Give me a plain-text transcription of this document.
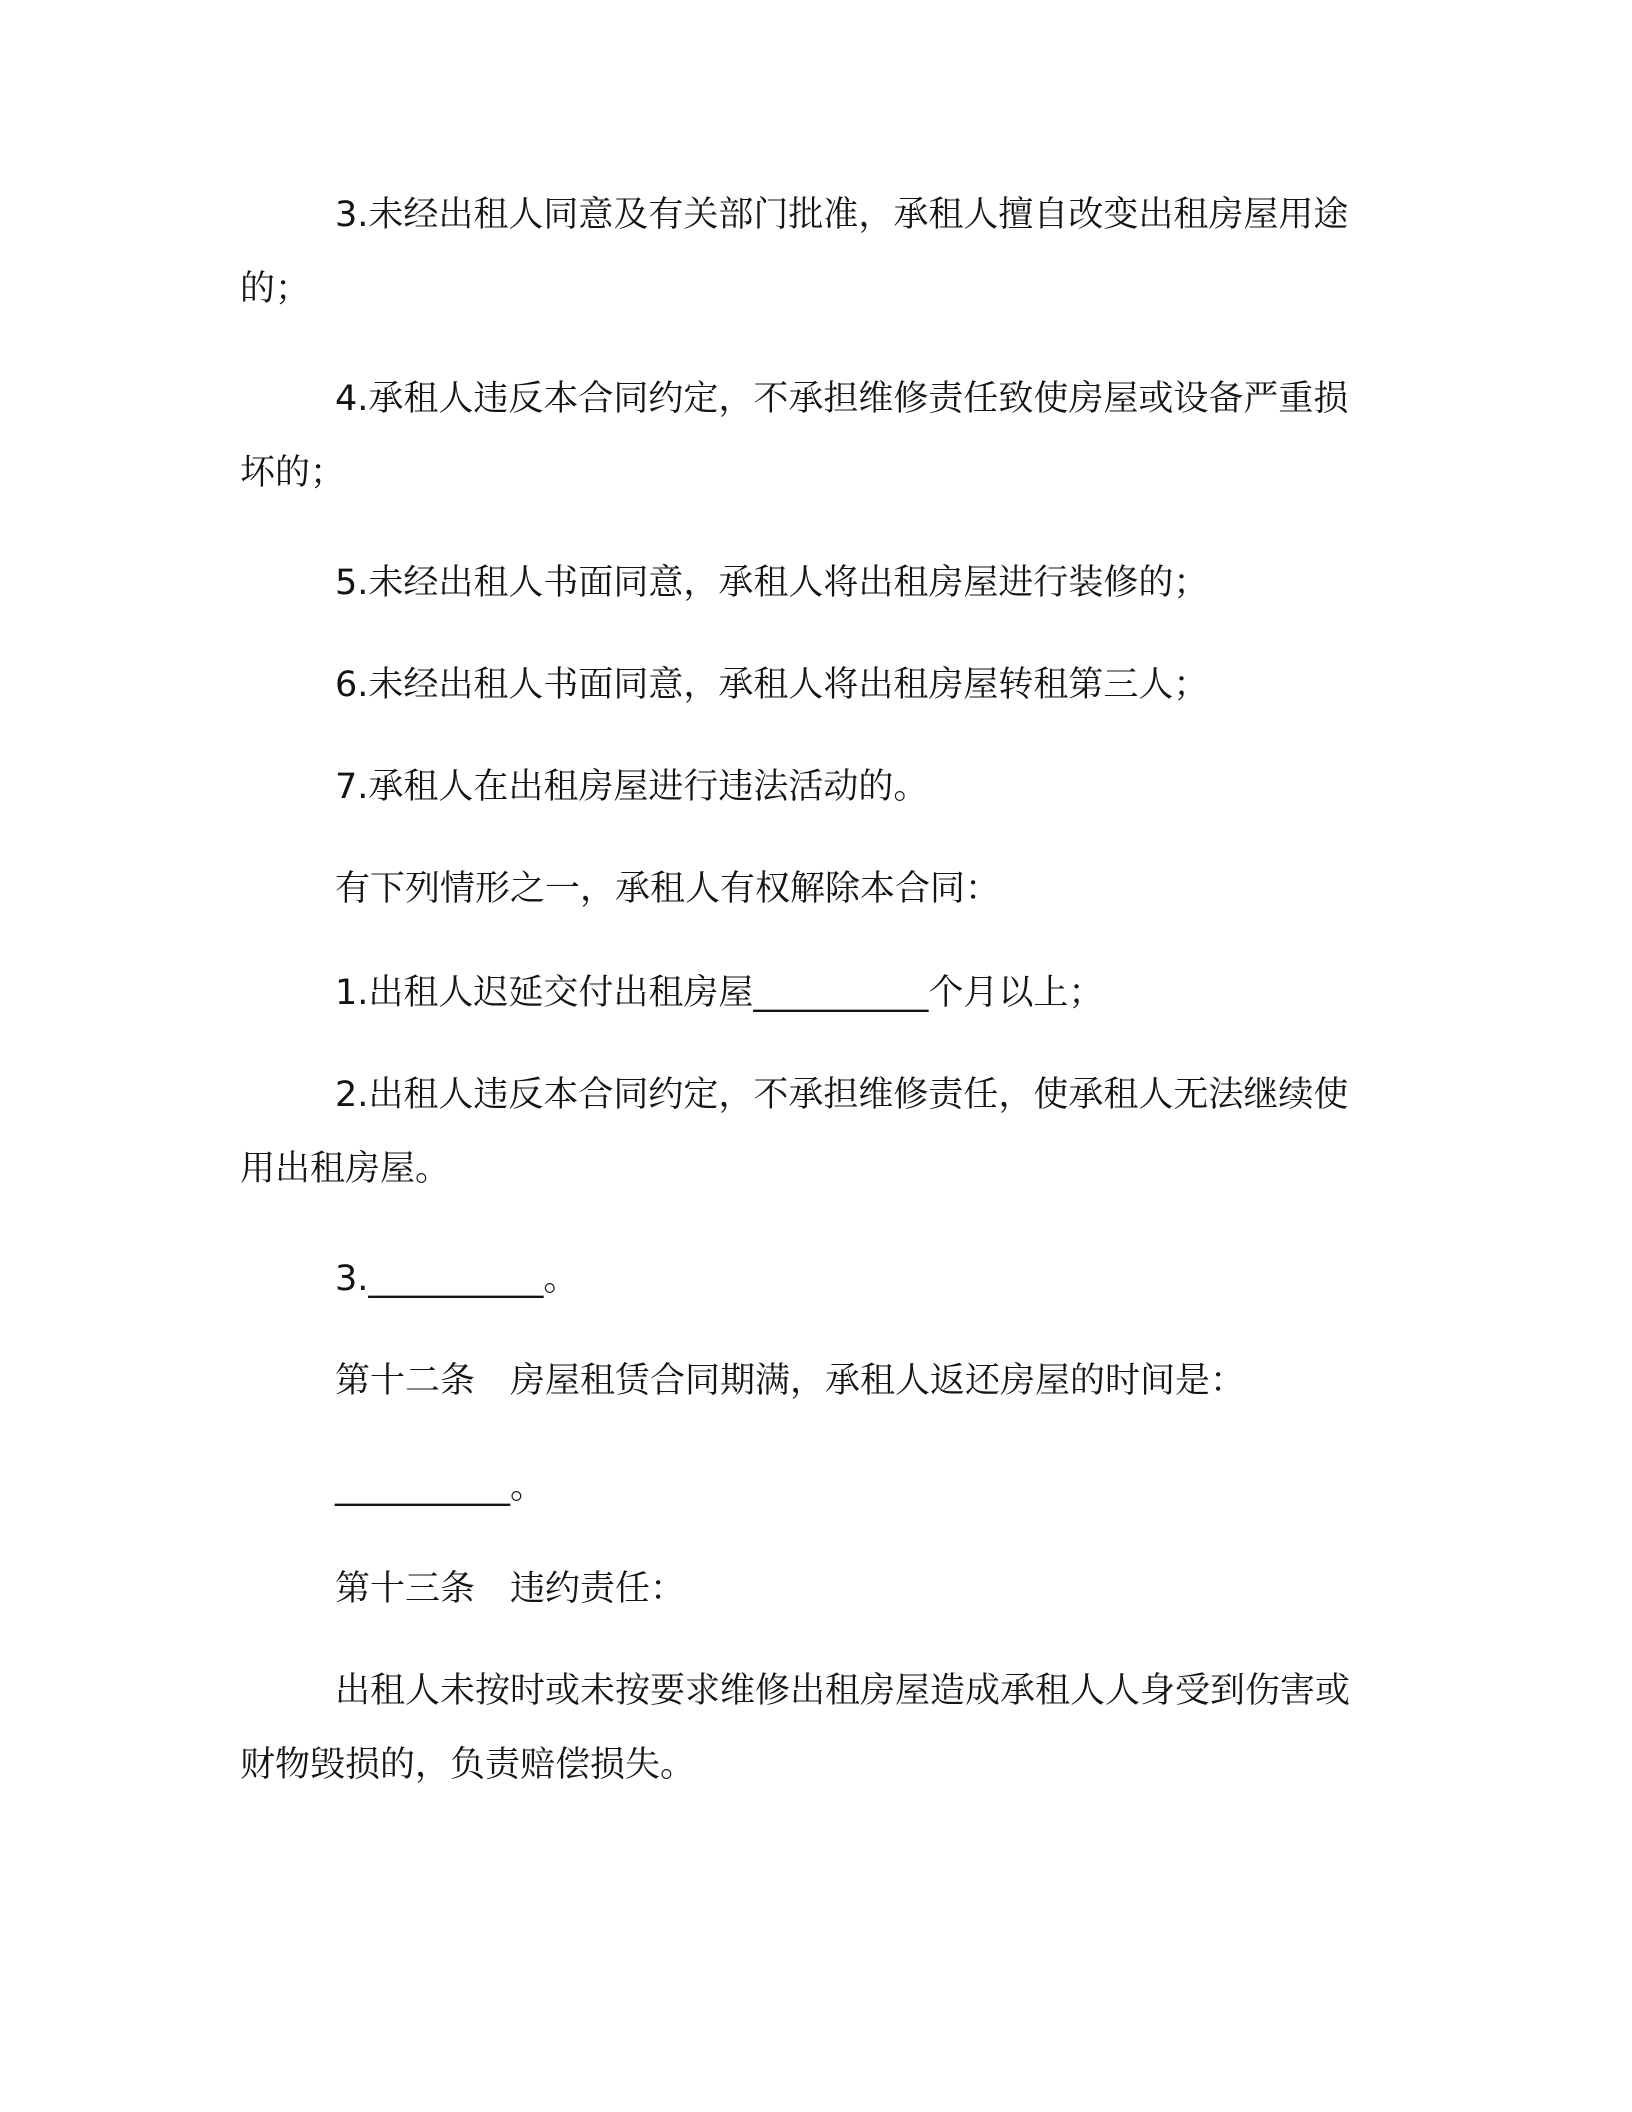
3.未经出租人同意及有关部门批准，承租人擅自改变出租房屋用途的；

4.承租人违反本合同约定，不承担维修责任致使房屋或设备严重损坏的；

5.未经出租人书面同意，承租人将出租房屋进行装修的；

6.未经出租人书面同意，承租人将出租房屋转租第三人；

7.承租人在出租房屋进行违法活动的。

有下列情形之一，承租人有权解除本合同：

1.出租人迟延交付出租房屋__________个月以上；

2.出租人违反本合同约定，不承担维修责任，使承租人无法继续使用出租房屋。

3.__________。

第十二条　房屋租赁合同期满，承租人返还房屋的时间是：

__________。

第十三条　违约责任：

出租人未按时或未按要求维修出租房屋造成承租人人身受到伤害或财物毁损的，负责赔偿损失。
